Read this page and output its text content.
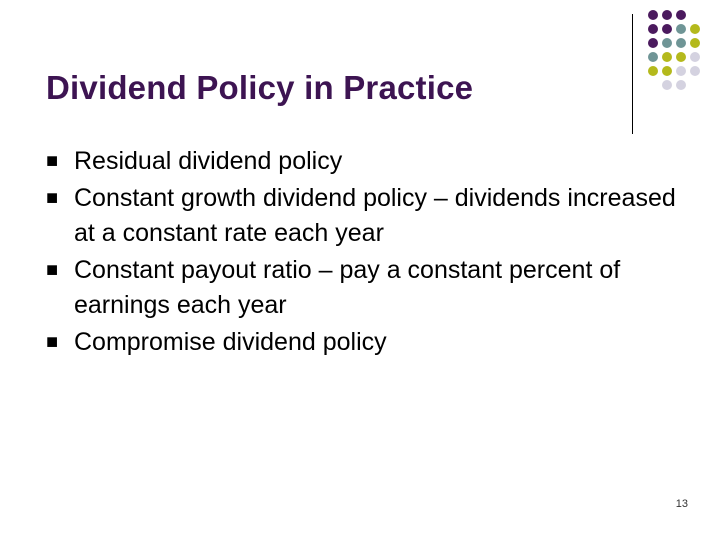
Dividend Policy in Practice
■ Residual dividend policy
■ Constant growth dividend policy – dividends increased at a constant rate each year
■ Constant payout ratio – pay a constant percent of earnings each year
■ Compromise dividend policy
13
